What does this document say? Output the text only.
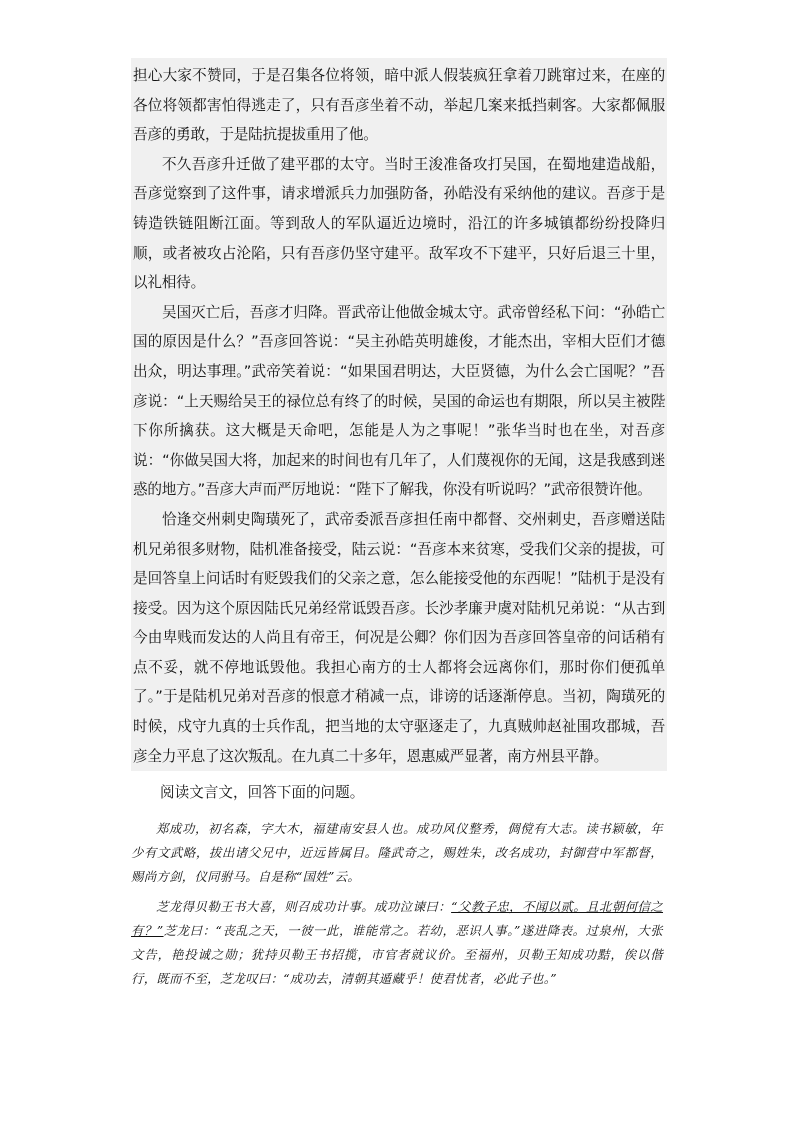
担心大家不赞同，于是召集各位将领，暗中派人假装疯狂拿着刀跳窜过来，在座的各位将领都害怕得逃走了，只有吾彦坐着不动，举起几案来抵挡刺客。大家都佩服吾彦的勇敢，于是陆抗提拔重用了他。

不久吾彦升迁做了建平郡的太守。当时王浚准备攻打吴国，在蜀地建造战船，吾彦觉察到了这件事，请求增派兵力加强防备，孙皓没有采纳他的建议。吾彦于是铸造铁链阻断江面。等到敌人的军队逼近边境时，沿江的许多城镇都纷纷投降归顺，或者被攻占沦陷，只有吾彦仍坚守建平。敌军攻不下建平，只好后退三十里，以礼相待。

吴国灭亡后，吾彦才归降。晋武帝让他做金城太守。武帝曾经私下问：“孙皓亡国的原因是什么？”吾彦回答说：“吴主孙皓英明雄俊，才能杰出，宰相大臣们才德出众，明达事理。”武帝笑着说：“如果国君明达，大臣贤德，为什么会亡国呢？”吾彦说：“上天赐给吴王的禄位总有终了的时候，吴国的命运也有期限，所以吴主被陛下你所擒获。这大概是天命吧，怎能是人为之事呢！”张华当时也在坐，对吾彦说：“你做吴国大将，加起来的时间也有几年了，人们蔑视你的无闻，这是我感到迷惑的地方。”吾彦大声而严厉地说：“陛下了解我，你没有听说吗？”武帝很赞许他。

恰逢交州刺史陶璜死了，武帝委派吾彦担任南中都督、交州刺史，吾彦赠送陆机兄弟很多财物，陆机准备接受，陆云说：“吾彦本来贫寒，受我们父亲的提拔，可是回答皇上问话时有贬毁我们的父亲之意，怎么能接受他的东西呢！”陆机于是没有接受。因为这个原因陆氏兄弟经常诋毁吾彦。长沙孝廉尹虞对陆机兄弟说：“从古到今由卑贱而发达的人尚且有帝王，何况是公卿？你们因为吾彦回答皇帝的问话稍有点不妥，就不停地诋毁他。我担心南方的士人都将会远离你们，那时你们便孤单了。”于是陆机兄弟对吾彦的恨意才稍减一点，诽谤的话逐渐停息。当初，陶璜死的时候，戍守九真的士兵作乱，把当地的太守驱逐走了，九真贼帅赵祉围攻郡城，吾彦全力平息了这次叛乱。在九真二十多年，恩惠威严显著，南方州县平静。

阅读文言文，回答下面的问题。

郑成功，初名森，字大木，福建南安县人也。成功风仪整秀，倜傥有大志。读书颖敏，年少有文武略，拔出诸父兄中，近远皆属目。隆武奇之，赐姓朱，改名成功，封御营中军都督，赐尚方剑，仪同驸马。自是称“国姓”云。

芝龙得贝勒王书大喜，则召成功计事。成功泣谏曰：“父教子忠，不闻以贰。且北朝何信之有？”芝龙曰：“丧乱之天，一彼一此，谁能常之。若幼，恶识人事。”遂进降表。过泉州，大张文告，艳投诚之勋；犹持贝勒王书招揽，市官者就议价。至福州，贝勒王知成功黠，俟以偕行，既而不至，芝龙叹曰：“成功去，清朝其遁藏乎！使君忧者，必此子也。”
